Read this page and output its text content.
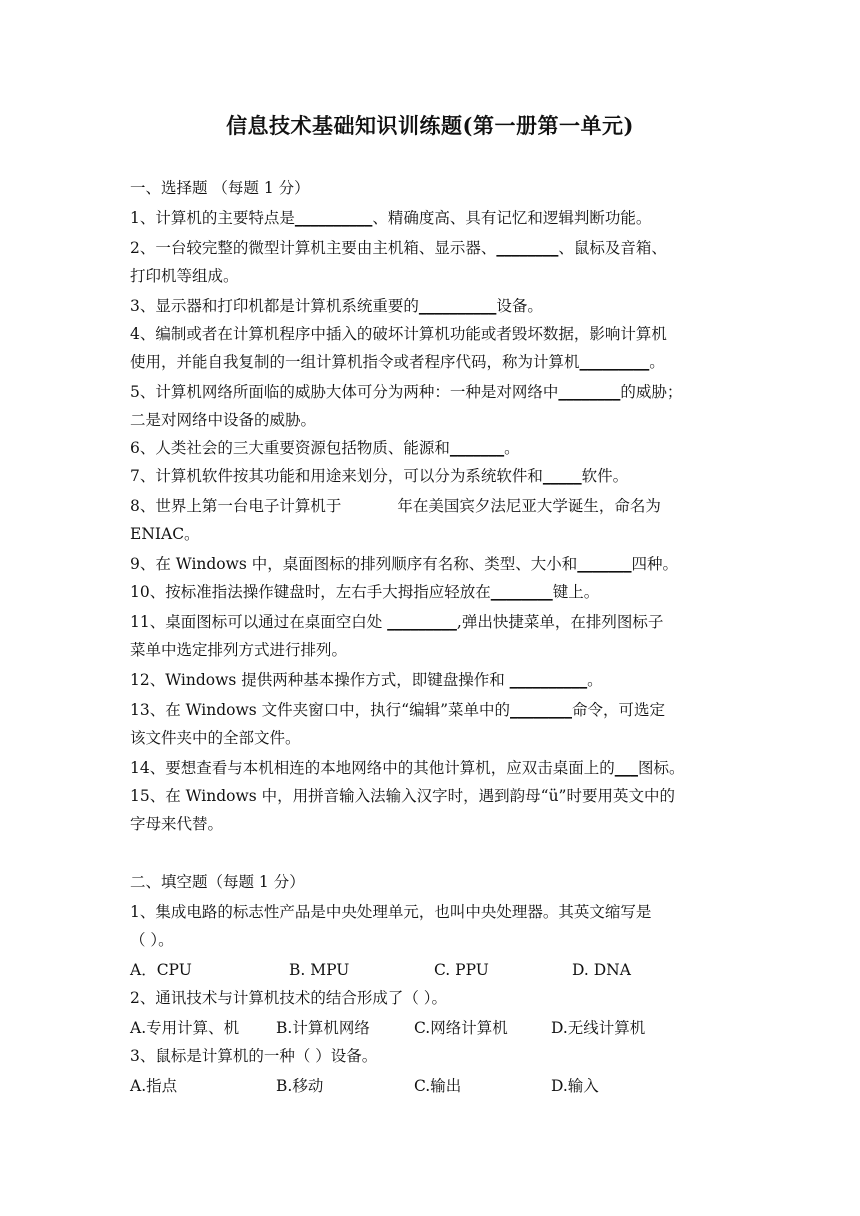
信息技术基础知识训练题(第一册第一单元)
一、选择题 （每题 1 分）
1、计算机的主要特点是__________、精确度高、具有记忆和逻辑判断功能。
2、一台较完整的微型计算机主要由主机箱、显示器、________、鼠标及音箱、
打印机等组成。
3、显示器和打印机都是计算机系统重要的__________设备。
4、编制或者在计算机程序中插入的破坏计算机功能或者毁坏数据，影响计算机
使用，并能自我复制的一组计算机指令或者程序代码，称为计算机_________。
5、计算机网络所面临的威胁大体可分为两种：一种是对网络中________的威胁；
二是对网络中设备的威胁。
6、人类社会的三大重要资源包括物质、能源和_______。
7、计算机软件按其功能和用途来划分，可以分为系统软件和_____软件。
8、世界上第一台电子计算机于	年在美国宾夕法尼亚大学诞生，命名为
ENIAC。
9、在 Windows 中，桌面图标的排列顺序有名称、类型、大小和_______四种。
10、按标准指法操作键盘时，左右手大拇指应轻放在________键上。
11、桌面图标可以通过在桌面空白处 _________,弹出快捷菜单，在排列图标子
菜单中选定排列方式进行排列。
12、Windows 提供两种基本操作方式，即键盘操作和 __________。
13、在 Windows 文件夹窗口中，执行“编辑”菜单中的________命令，可选定
该文件夹中的全部文件。
14、要想查看与本机相连的本地网络中的其他计算机，应双击桌面上的___图标。
15、在 Windows 中，用拼音输入法输入汉字时，遇到韵母“ü”时要用英文中的
字母来代替。
二、填空题（每题 1 分）
1、集成电路的标志性产品是中央处理单元，也叫中央处理器。其英文缩写是
（ ）。
A．CPU	B. MPU	C. PPU	D. DNA
2、通讯技术与计算机技术的结合形成了（ ）。
A.专用计算、机 B.计算机网络	C.网络计算机	D.无线计算机
3、鼠标是计算机的一种（ ）设备。
A.指点	B.移动	C.输出	D.输入
